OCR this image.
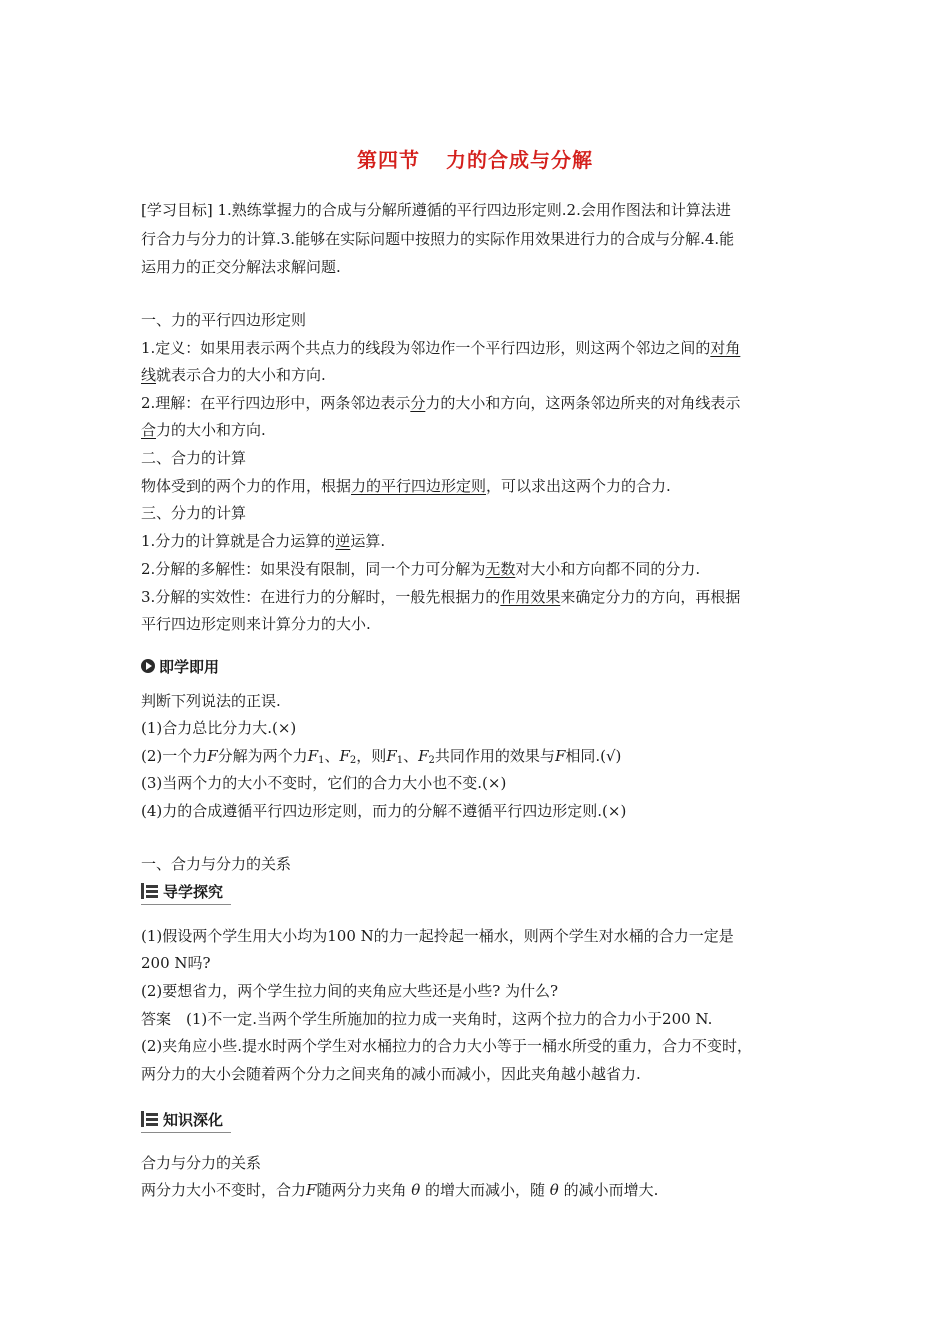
第四节 力的合成与分解
[学习目标] 1.熟练掌握力的合成与分解所遵循的平行四边形定则.2.会用作图法和计算法进
行合力与分力的计算.3.能够在实际问题中按照力的实际作用效果进行力的合成与分解.4.能
运用力的正交分解法求解问题.
一、力的平行四边形定则
1.定义：如果用表示两个共点力的线段为邻边作一个平行四边形，则这两个邻边之间的对角
线就表示合力的大小和方向.
2.理解：在平行四边形中，两条邻边表示分力的大小和方向，这两条邻边所夹的对角线表示
合力的大小和方向.
二、合力的计算
物体受到的两个力的作用，根据力的平行四边形定则，可以求出这两个力的合力.
三、分力的计算
1.分力的计算就是合力运算的逆运算.
2.分解的多解性：如果没有限制，同一个力可分解为无数对大小和方向都不同的分力.
3.分解的实效性：在进行力的分解时，一般先根据力的作用效果来确定分力的方向，再根据
平行四边形定则来计算分力的大小.
即学即用
判断下列说法的正误.
(1)合力总比分力大.(×)
(2)一个力F分解为两个力$F_1$、$F_2$，则$F_1$、$F_2$共同作用的效果与F相同.(√)
(3)当两个力的大小不变时，它们的合力大小也不变.(×)
(4)力的合成遵循平行四边形定则，而力的分解不遵循平行四边形定则.(×)
一、合力与分力的关系
导学探究
(1)假设两个学生用大小均为100 N的力一起拎起一桶水，则两个学生对水桶的合力一定是
200 N吗?
(2)要想省力，两个学生拉力间的夹角应大些还是小些? 为什么?
答案　(1)不一定.当两个学生所施加的拉力成一夹角时，这两个拉力的合力小于200 N.
(2)夹角应小些.提水时两个学生对水桶拉力的合力大小等于一桶水所受的重力，合力不变时，
两分力的大小会随着两个分力之间夹角的减小而减小，因此夹角越小越省力.
知识深化
合力与分力的关系
两分力大小不变时，合力F随两分力夹角 θ 的增大而减小，随 θ 的减小而增大.
